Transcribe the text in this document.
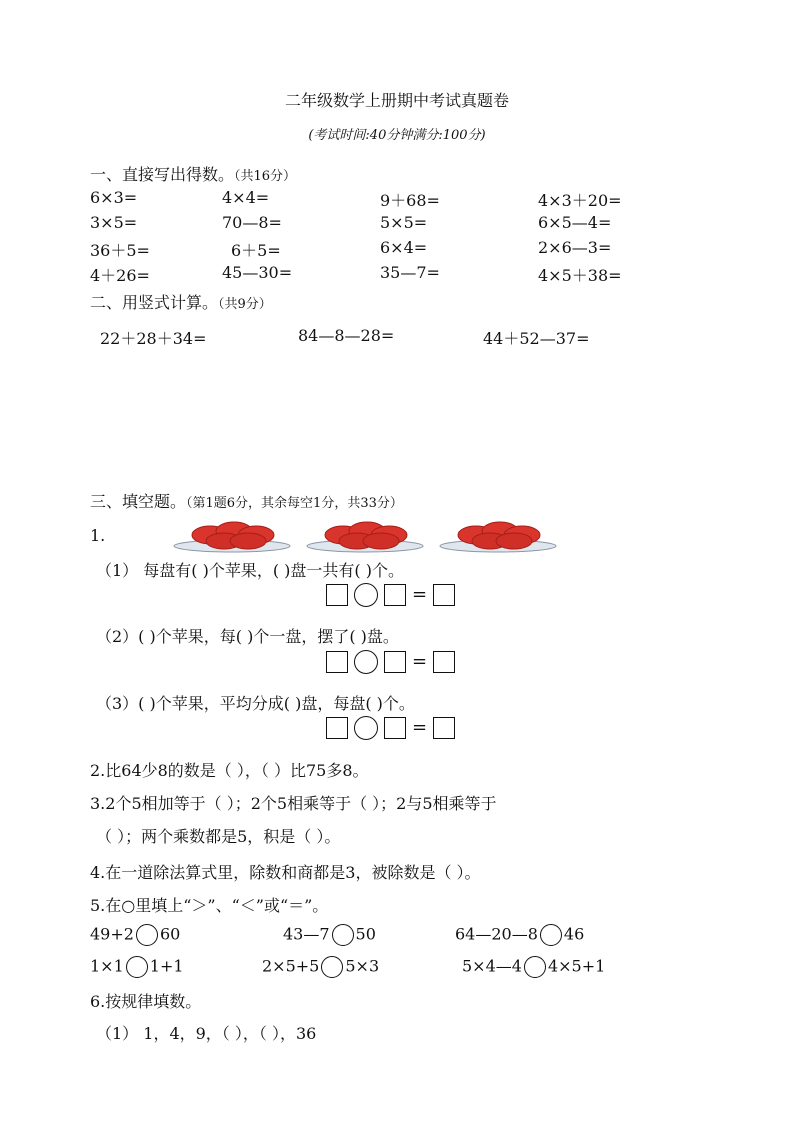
二年级数学上册期中考试真题卷
(考试时间:40分钟满分:100分)
一、直接写出得数。（共16分）
6×3=	4×4=	9＋68=	4×3＋20=
3×5=	70—8=	5×5=	6×5—4=
36＋5=	6＋5=	6×4=	2×6—3=
4＋26=	45—30=	35—7=	4×5＋38=
二、用竖式计算。（共9分）
22＋28＋34=	84—8—28=	44＋52—37=
三、填空题。（第1题6分，其余每空1分，共33分）
1.
（1） 每盘有( )个苹果，( )盘一共有( )个。
=
（2）( )个苹果，每( )个一盘，摆了( )盘。
=
（3）( )个苹果，平均分成( )盘，每盘( )个。
=
2.比64少8的数是（ ），（ ）比75多8。
3.2个5相加等于（ ）；2个5相乘等于（ ）；2与5相乘等于
（ ）；两个乘数都是5，积是（ ）。
4.在一道除法算式里，除数和商都是3，被除数是（ ）。
5.在○里填上“＞”、“＜”或“＝”。
49+2 60	43—7 50	64—20—8 46
1×1 1+1	2×5+5 5×3	5×4—4 4×5+1
6.按规律填数。
（1） 1，4，9，（ ），（ ），36
